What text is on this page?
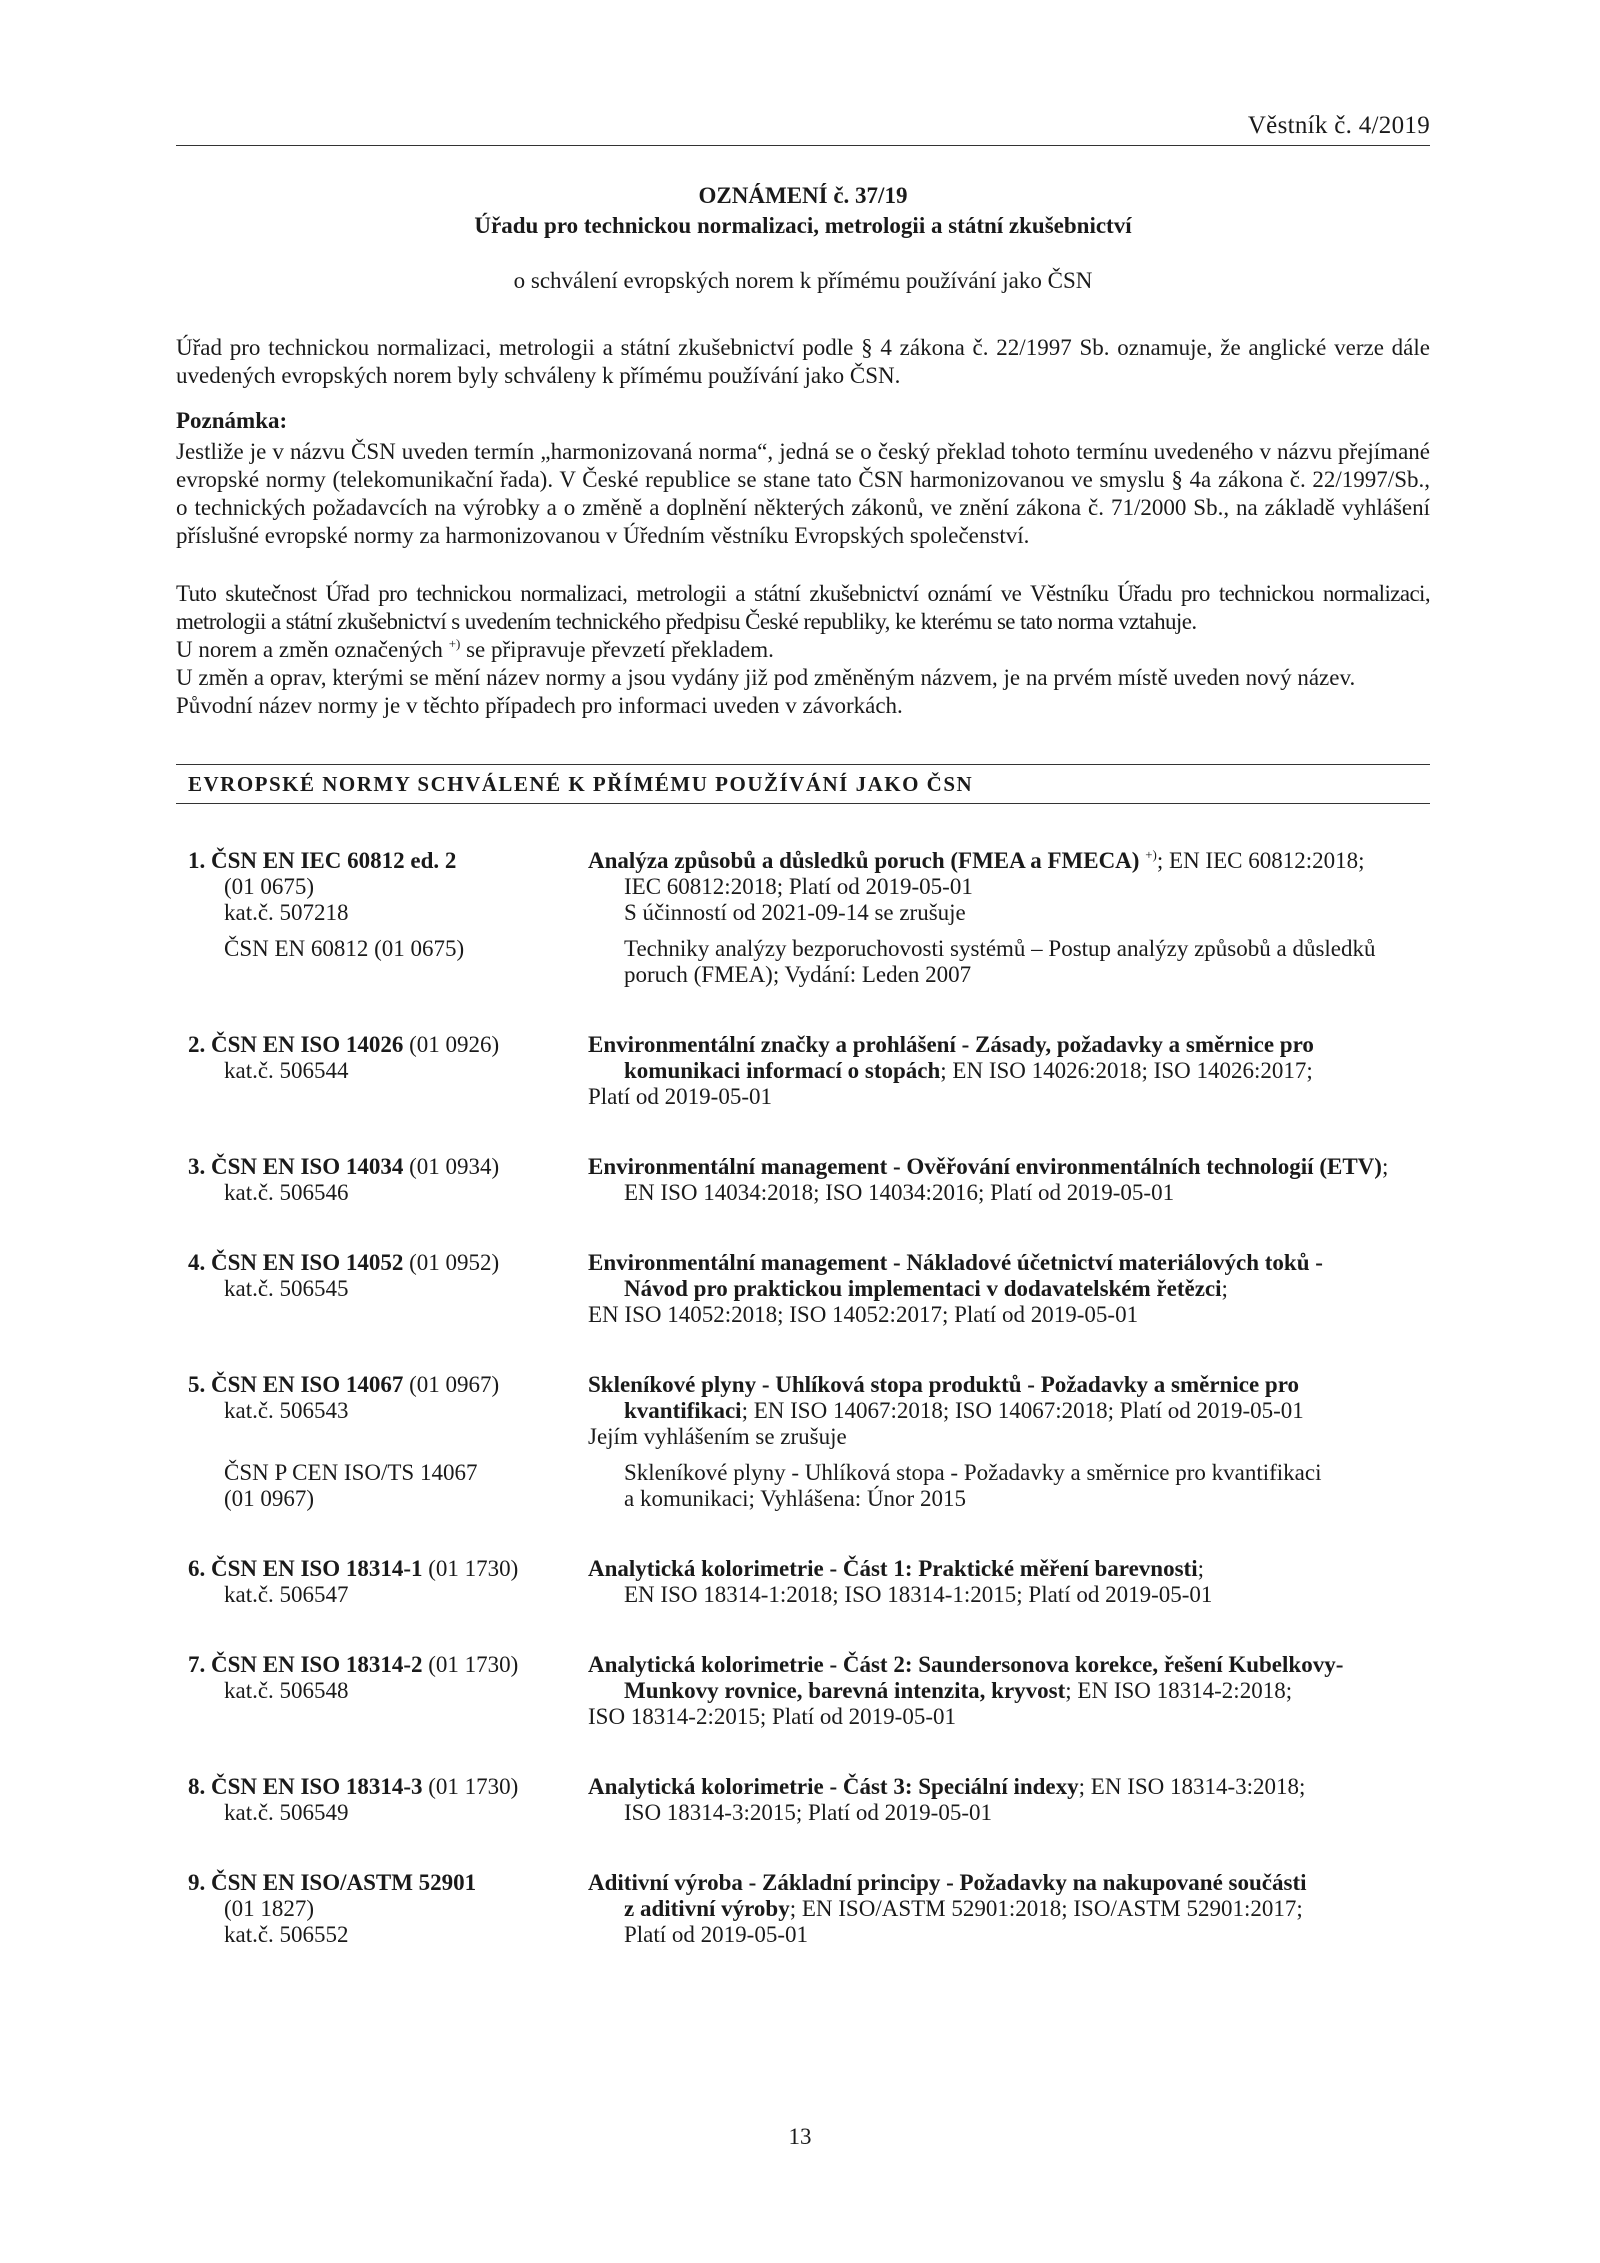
Věstník č. 4/2019
OZNÁMENÍ č. 37/19
Úřadu pro technickou normalizaci, metrologii a státní zkušebnictví
o schválení evropských norem k přímému používání jako ČSN

Úřad pro technickou normalizaci, metrologii a státní zkušebnictví podle § 4 zákona č. 22/1997 Sb. oznamuje, že anglické verze dále uvedených evropských norem byly schváleny k přímému používání jako ČSN.

Poznámka:

Jestliže je v názvu ČSN uveden termín „harmonizovaná norma“, jedná se o český překlad tohoto termínu uvedeného v názvu přejímané evropské normy (telekomunikační řada). V České republice se stane tato ČSN harmonizovanou ve smyslu § 4a zákona č. 22/1997/Sb., o technických požadavcích na výrobky a o změně a doplnění některých zákonů, ve znění zákona č. 71/2000 Sb., na základě vyhlášení příslušné evropské normy za harmonizovanou v Úředním věstníku Evropských společenství.

Tuto skutečnost Úřad pro technickou normalizaci, metrologii a státní zkušebnictví oznámí ve Věstníku Úřadu pro technickou normalizaci, metrologii a státní zkušebnictví s uvedením technického předpisu České republiky, ke kterému se tato norma vztahuje.

U norem a změn označených +) se připravuje převzetí překladem.

U změn a oprav, kterými se mění název normy a jsou vydány již pod změněným názvem, je na prvém místě uveden nový název.

Původní název normy je v těchto případech pro informaci uveden v závorkách.

EVROPSKÉ NORMY SCHVÁLENÉ K PŘÍMÉMU POUŽÍVÁNÍ JAKO ČSN
1. ČSN EN IEC 60812 ed. 2	Analýza způsobů a důsledků poruch (FMEA a FMECA) +); EN IEC 60812:2018;
(01 0675)	IEC 60812:2018; Platí od 2019-05-01
kat.č. 507218	S účinností od 2021-09-14 se zrušuje
ČSN EN 60812 (01 0675)	Techniky analýzy bezporuchovosti systémů – Postup analýzy způsobů a důsledků
poruch (FMEA); Vydání: Leden 2007
2. ČSN EN ISO 14026 (01 0926)	Environmentální značky a prohlášení - Zásady, požadavky a směrnice pro
kat.č. 506544	komunikaci informací o stopách; EN ISO 14026:2018; ISO 14026:2017;
Platí od 2019-05-01
3. ČSN EN ISO 14034 (01 0934)	Environmentální management - Ověřování environmentálních technologií (ETV);
kat.č. 506546	EN ISO 14034:2018; ISO 14034:2016; Platí od 2019-05-01
4. ČSN EN ISO 14052 (01 0952)	Environmentální management - Nákladové účetnictví materiálových toků -
kat.č. 506545	Návod pro praktickou implementaci v dodavatelském řetězci;
EN ISO 14052:2018; ISO 14052:2017; Platí od 2019-05-01
5. ČSN EN ISO 14067 (01 0967)	Skleníkové plyny - Uhlíková stopa produktů - Požadavky a směrnice pro
kat.č. 506543	kvantifikaci; EN ISO 14067:2018; ISO 14067:2018; Platí od 2019-05-01
Jejím vyhlášením se zrušuje
ČSN P CEN ISO/TS 14067	Skleníkové plyny - Uhlíková stopa - Požadavky a směrnice pro kvantifikaci
(01 0967)	a komunikaci; Vyhlášena: Únor 2015
6. ČSN EN ISO 18314-1 (01 1730)	Analytická kolorimetrie - Část 1: Praktické měření barevnosti;
kat.č. 506547	EN ISO 18314-1:2018; ISO 18314-1:2015; Platí od 2019-05-01
7. ČSN EN ISO 18314-2 (01 1730)	Analytická kolorimetrie - Část 2: Saundersonova korekce, řešení Kubelkovy-
kat.č. 506548	Munkovy rovnice, barevná intenzita, kryvost; EN ISO 18314-2:2018;
ISO 18314-2:2015; Platí od 2019-05-01
8. ČSN EN ISO 18314-3 (01 1730)	Analytická kolorimetrie - Část 3: Speciální indexy; EN ISO 18314-3:2018;
kat.č. 506549	ISO 18314-3:2015; Platí od 2019-05-01
9. ČSN EN ISO/ASTM 52901	Aditivní výroba - Základní principy - Požadavky na nakupované součásti
(01 1827)	z aditivní výroby; EN ISO/ASTM 52901:2018; ISO/ASTM 52901:2017;
kat.č. 506552	Platí od 2019-05-01
13
